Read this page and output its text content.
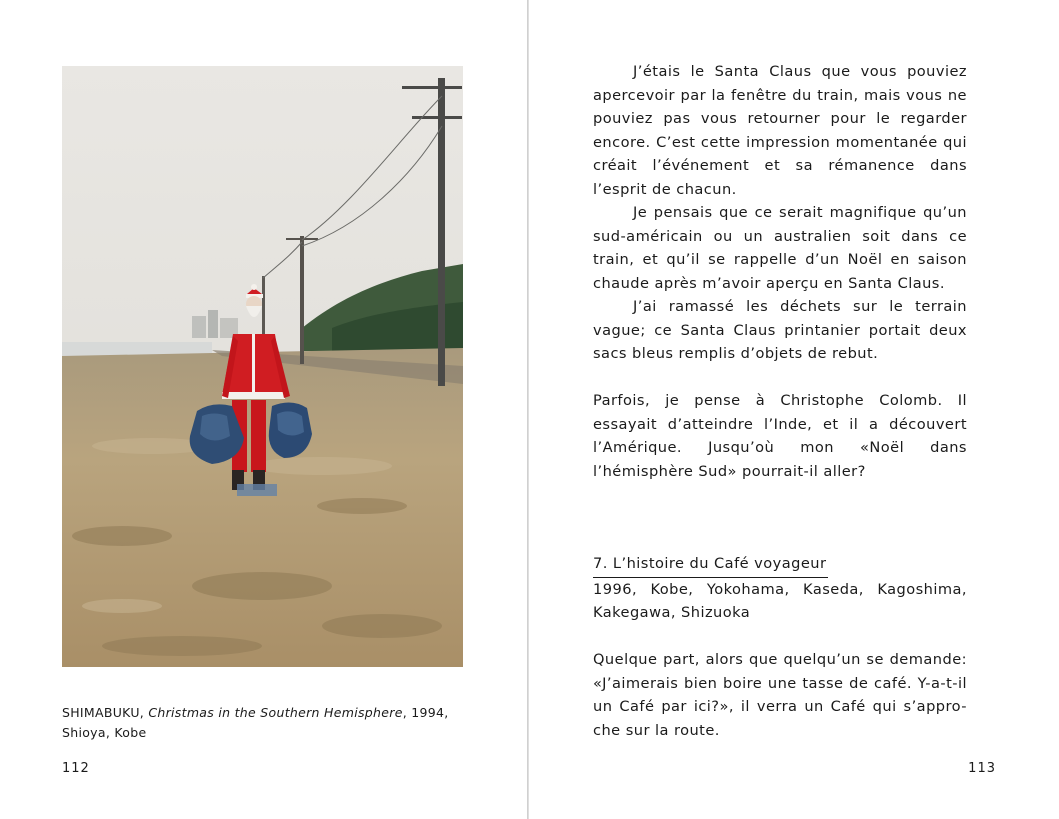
SHIMABUKU, Christmas in the Southern Hemisphere, 1994,
Shioya, Kobe
112

J’étais le Santa Claus que vous pouviez apercevoir par la fenêtre du train, mais vous ne pouviez pas vous retourner pour le regarder encore. C’est cette impression momentanée qui créait l’événement et sa rémanence dans l’esprit de chacun.

Je pensais que ce serait magnifique qu’un sud-américain ou un australien soit dans ce train, et qu’il se rappelle d’un Noël en saison chaude après m’avoir aperçu en Santa Claus.

J’ai ramassé les déchets sur le terrain vague; ce Santa Claus printanier portait deux sacs bleus remplis d’objets de rebut.

Parfois, je pense à Christophe Colomb. Il essayait d’atteindre l’Inde, et il a découvert l’Amérique. Jusqu’où mon «Noël dans l’hémisphère Sud» pourrait-il aller?

7. L’histoire du Café voyageur

1996, Kobe, Yokohama, Kaseda, Kagoshima, Kakegawa, Shizuoka

Quelque part, alors que quelqu’un se demande: «J’aimerais bien boire une tasse de café. Y-a-t-il un Café par ici?», il verra un Café qui s’appro-che sur la route.

113
